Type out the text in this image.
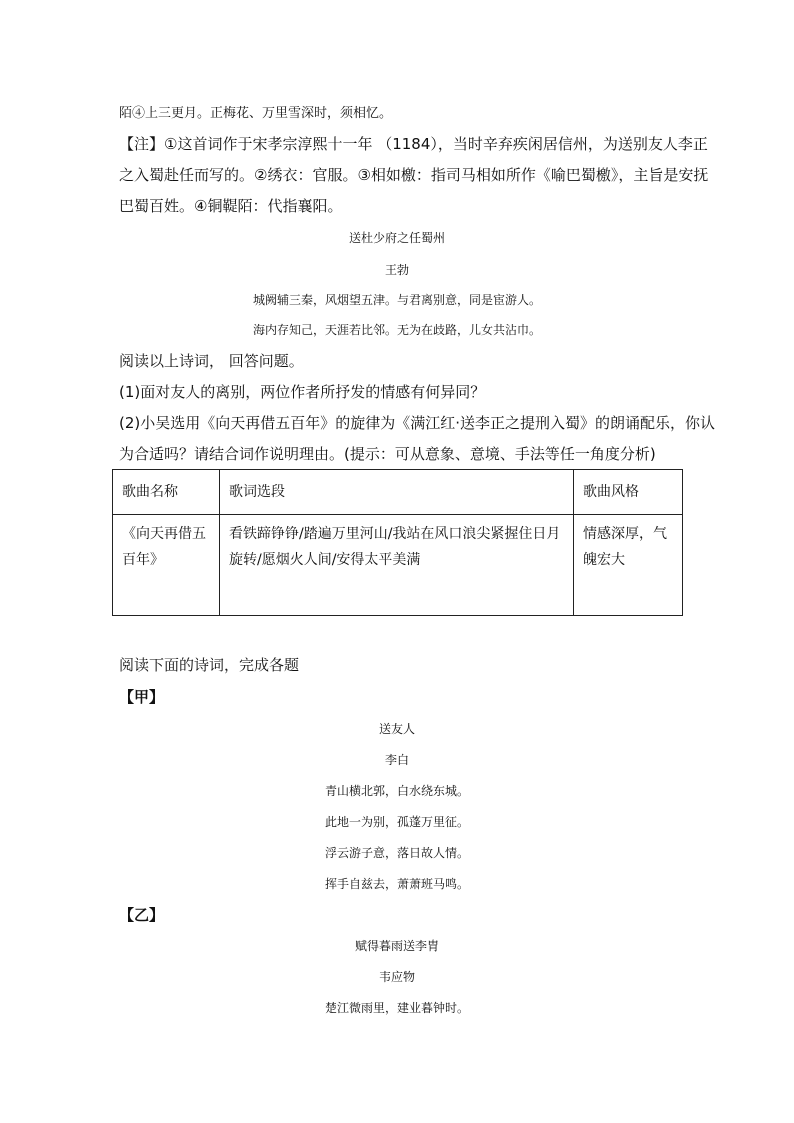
陌④上三更月。正梅花、万里雪深时，须相忆。
【注】①这首词作于宋孝宗淳熙十一年 （1184），当时辛弃疾闲居信州，为送别友人李正
之入蜀赴任而写的。②绣衣：官服。③相如檄：指司马相如所作《喻巴蜀檄》，主旨是安抚
巴蜀百姓。④铜鞮陌：代指襄阳。
送杜少府之任蜀州
王勃
城阙辅三秦，风烟望五津。与君离别意，同是宦游人。
海内存知己，天涯若比邻。无为在歧路，儿女共沾巾。
阅读以上诗词， 回答问题。
(1)面对友人的离别，两位作者所抒发的情感有何异同？
(2)小吴选用《向天再借五百年》的旋律为《满江红·送李正之提刑入蜀》的朗诵配乐，你认
为合适吗？请结合词作说明理由。(提示：可从意象、意境、手法等任一角度分析)
歌曲名称	歌词选段	歌曲风格
《向天再借五百年》	看铁蹄铮铮/踏遍万里河山/我站在风口浪尖紧握住日月旋转/愿烟火人间/安得太平美满	情感深厚，气魄宏大
阅读下面的诗词，完成各题
【甲】
送友人
李白
青山横北郭，白水绕东城。
此地一为别，孤蓬万里征。
浮云游子意，落日故人情。
挥手自兹去，萧萧班马鸣。
【乙】
赋得暮雨送李胄
韦应物
楚江微雨里，建业暮钟时。
